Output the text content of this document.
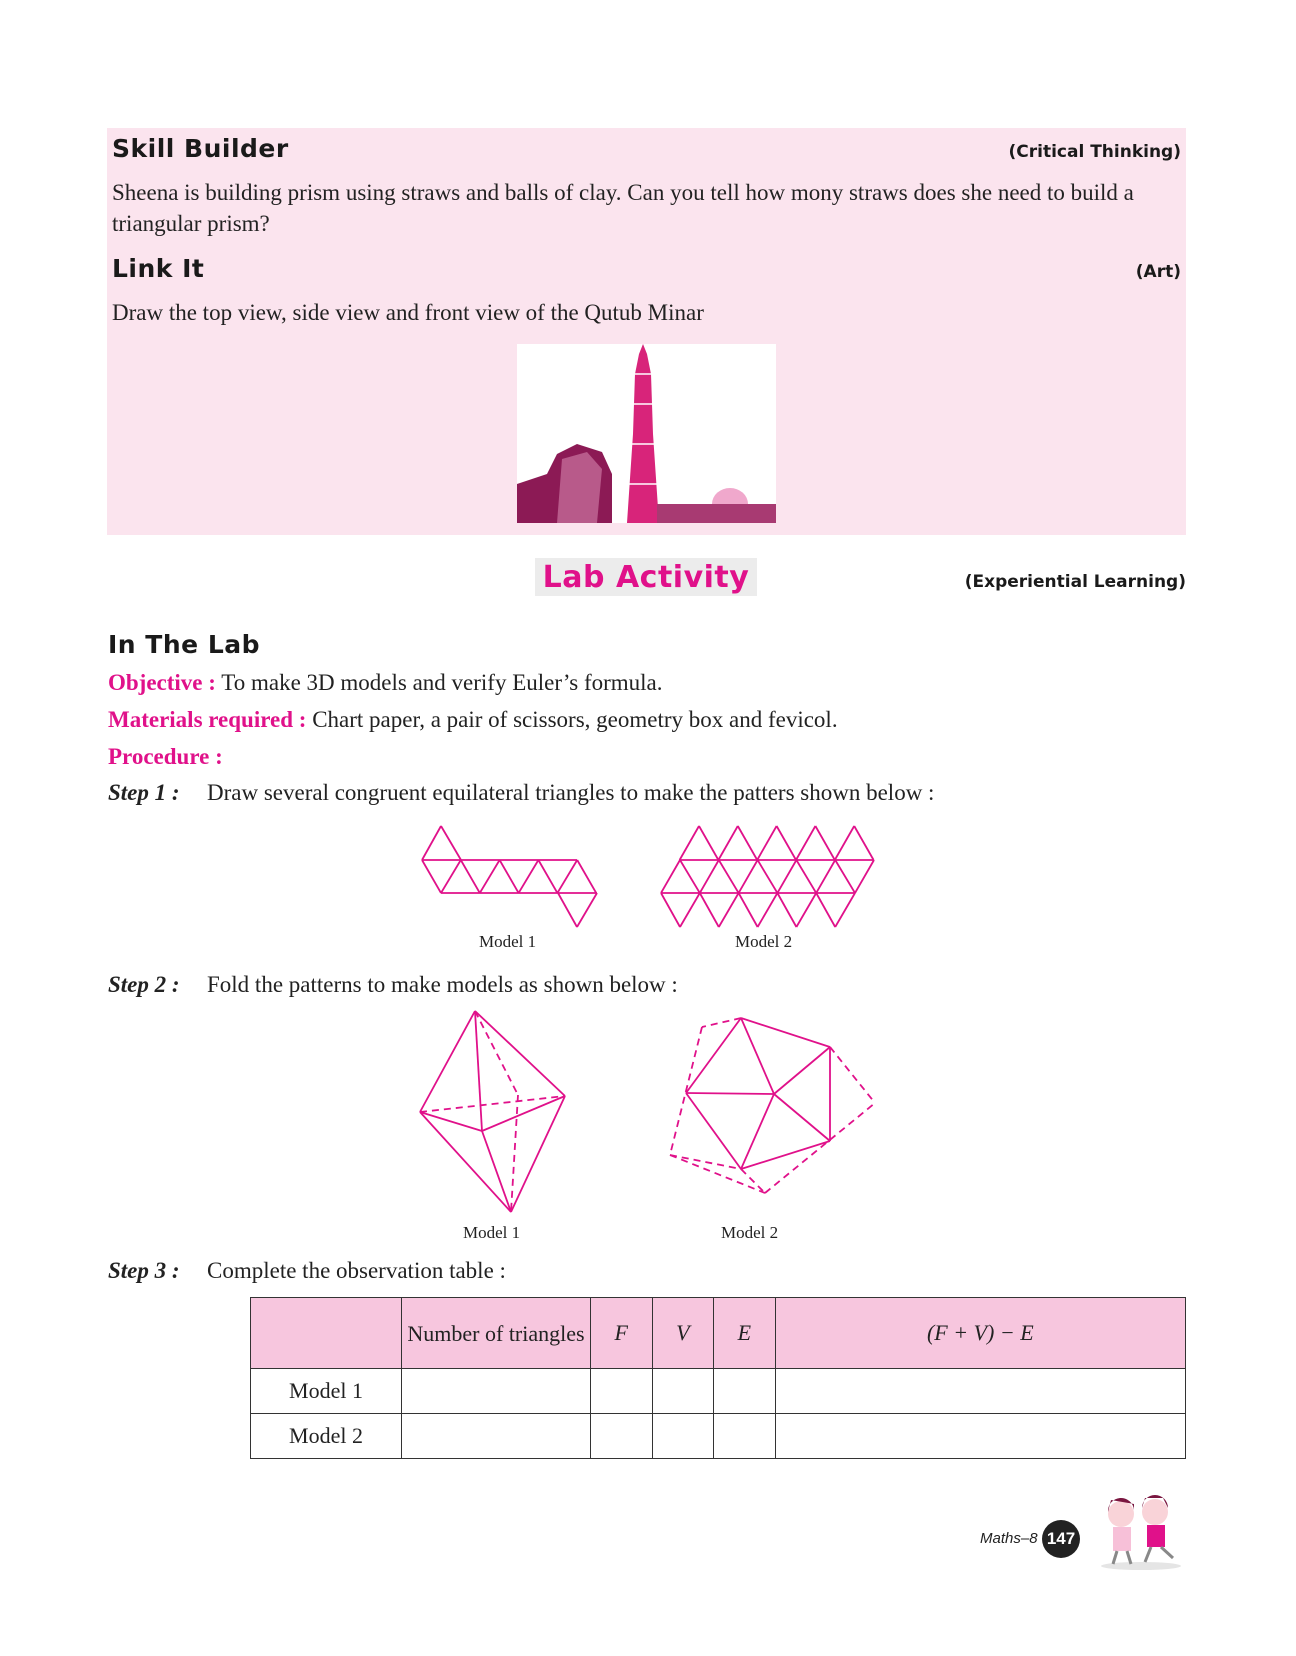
Skill Builder	(Critical Thinking)
Sheena is building prism using straws and balls of clay. Can you tell how mony straws does she need to build a triangular prism?
Link It	(Art)
Draw the top view, side view and front view of the Qutub Minar
Lab Activity	(Experiential Learning)
In The Lab
Objective : To make 3D models and verify Euler’s formula.
Materials required : Chart paper, a pair of scissors, geometry box and fevicol.
Procedure :
Step 1 : Draw several congruent equilateral triangles to make the patters shown below :
Model 1	Model 2
Step 2 : Fold the patterns to make models as shown below :
Model 1	Model 2
Step 3 : Complete the observation table :
	Number of triangles	F	V	E	(F + V) − E
Model 1					
Model 2					
Maths–8 147
